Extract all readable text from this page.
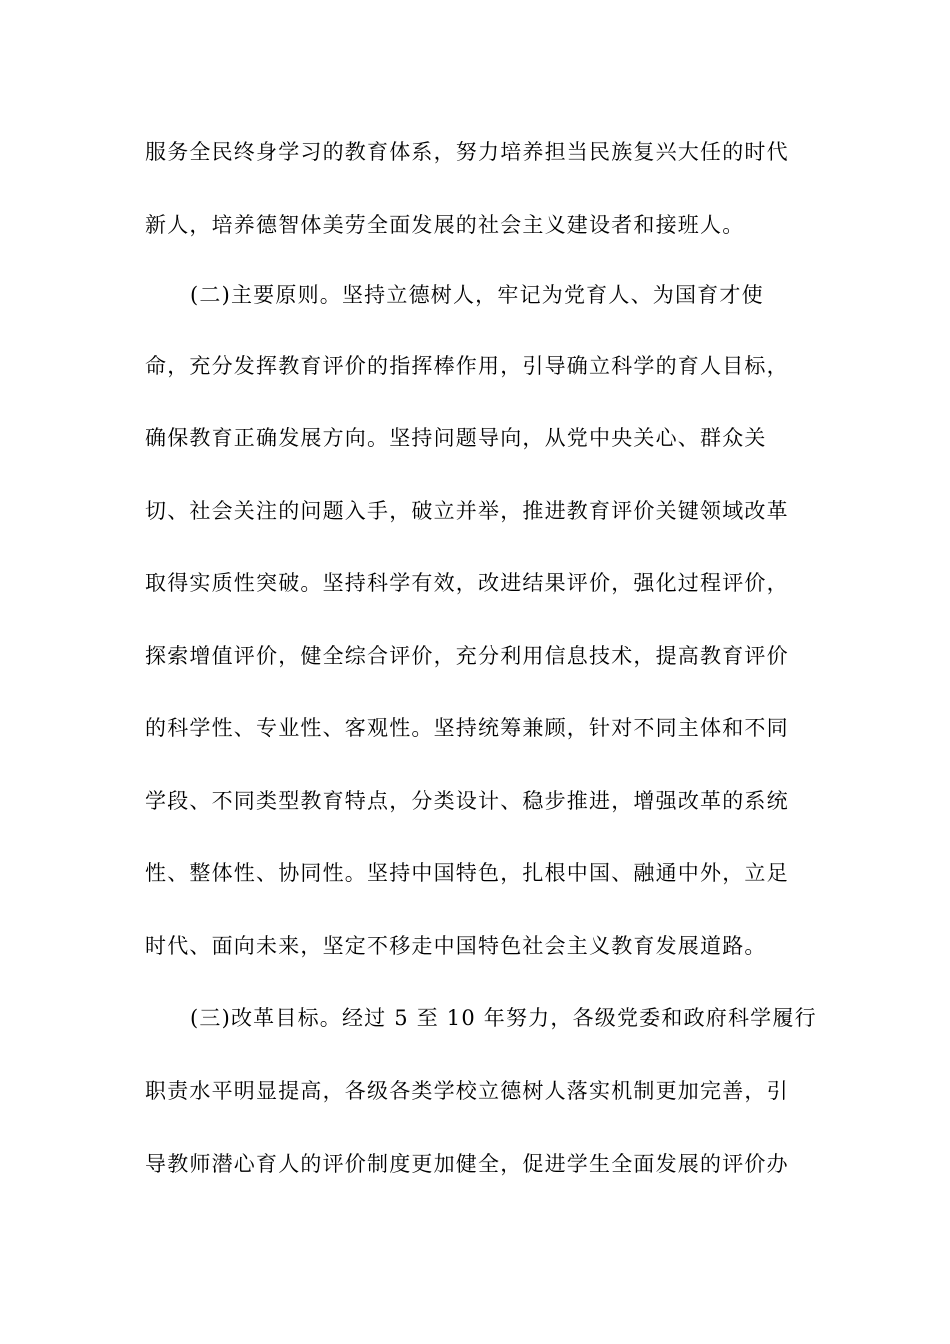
服务全民终身学习的教育体系，努力培养担当民族复兴大任的时代
新人，培养德智体美劳全面发展的社会主义建设者和接班人。
(二)主要原则。坚持立德树人，牢记为党育人、为国育才使
命，充分发挥教育评价的指挥棒作用，引导确立科学的育人目标，
确保教育正确发展方向。坚持问题导向，从党中央关心、群众关
切、社会关注的问题入手，破立并举，推进教育评价关键领域改革
取得实质性突破。坚持科学有效，改进结果评价，强化过程评价，
探索增值评价，健全综合评价，充分利用信息技术，提高教育评价
的科学性、专业性、客观性。坚持统筹兼顾，针对不同主体和不同
学段、不同类型教育特点，分类设计、稳步推进，增强改革的系统
性、整体性、协同性。坚持中国特色，扎根中国、融通中外，立足
时代、面向未来，坚定不移走中国特色社会主义教育发展道路。
(三)改革目标。经过 5 至 10 年努力，各级党委和政府科学履行
职责水平明显提高，各级各类学校立德树人落实机制更加完善，引
导教师潜心育人的评价制度更加健全，促进学生全面发展的评价办
